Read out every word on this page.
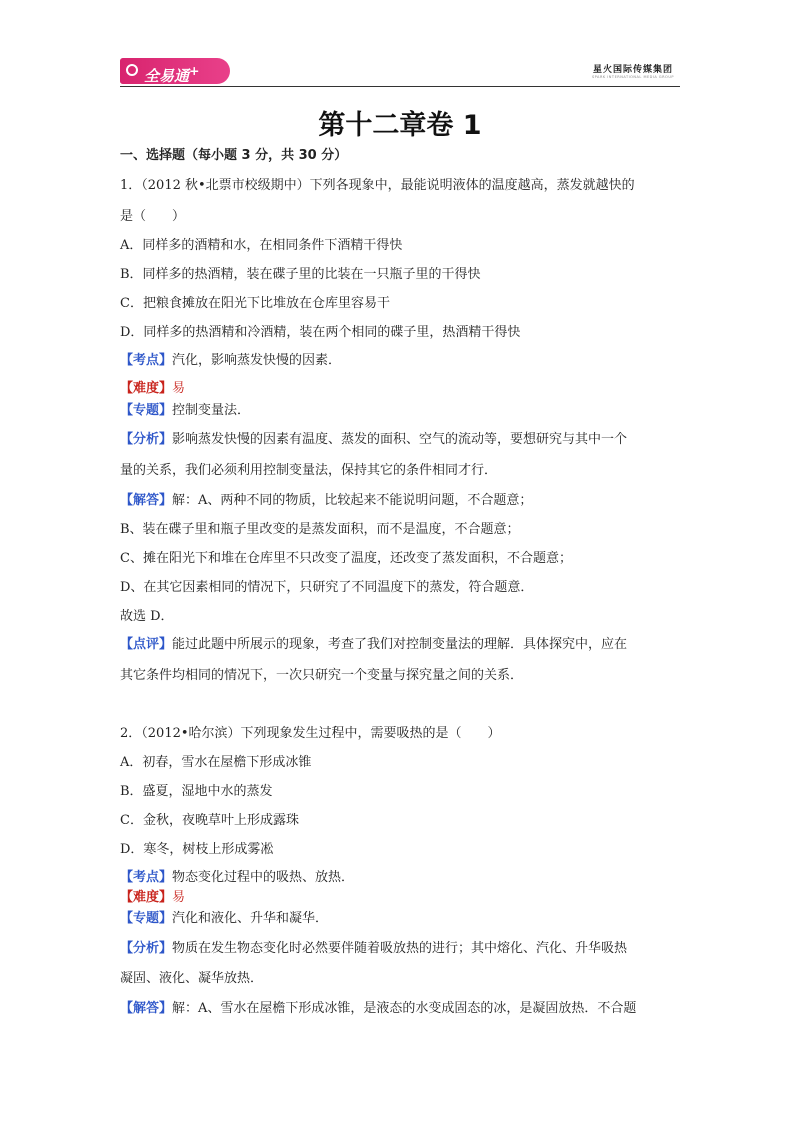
全易通+	星火国际传媒集团
SPARK INTERNATIONAL MEDIA GROUP
第十二章卷 1
一、选择题（每小题 3 分，共 30 分）
1．（2012 秋•北票市校级期中）下列各现象中，最能说明液体的温度越高，蒸发就越快的
是（　　）
A．同样多的酒精和水，在相同条件下酒精干得快
B．同样多的热酒精，装在碟子里的比装在一只瓶子里的干得快
C．把粮食摊放在阳光下比堆放在仓库里容易干
D．同样多的热酒精和冷酒精，装在两个相同的碟子里，热酒精干得快
【考点】汽化，影响蒸发快慢的因素．
【难度】易
【专题】控制变量法．
【分析】影响蒸发快慢的因素有温度、蒸发的面积、空气的流动等，要想研究与其中一个
量的关系，我们必须利用控制变量法，保持其它的条件相同才行．
【解答】解：A、两种不同的物质，比较起来不能说明问题，不合题意；
B、装在碟子里和瓶子里改变的是蒸发面积，而不是温度，不合题意；
C、摊在阳光下和堆在仓库里不只改变了温度，还改变了蒸发面积，不合题意；
D、在其它因素相同的情况下，只研究了不同温度下的蒸发，符合题意．
故选 D．
【点评】能过此题中所展示的现象，考查了我们对控制变量法的理解．具体探究中，应在
其它条件均相同的情况下，一次只研究一个变量与探究量之间的关系．
2．（2012•哈尔滨）下列现象发生过程中，需要吸热的是（　　）
A．初春，雪水在屋檐下形成冰锥
B．盛夏，湿地中水的蒸发
C．金秋，夜晚草叶上形成露珠
D．寒冬，树枝上形成雾凇
【考点】物态变化过程中的吸热、放热．
【难度】易
【专题】汽化和液化、升华和凝华．
【分析】物质在发生物态变化时必然要伴随着吸放热的进行；其中熔化、汽化、升华吸热
凝固、液化、凝华放热．
【解答】解：A、雪水在屋檐下形成冰锥，是液态的水变成固态的冰，是凝固放热．不合题
